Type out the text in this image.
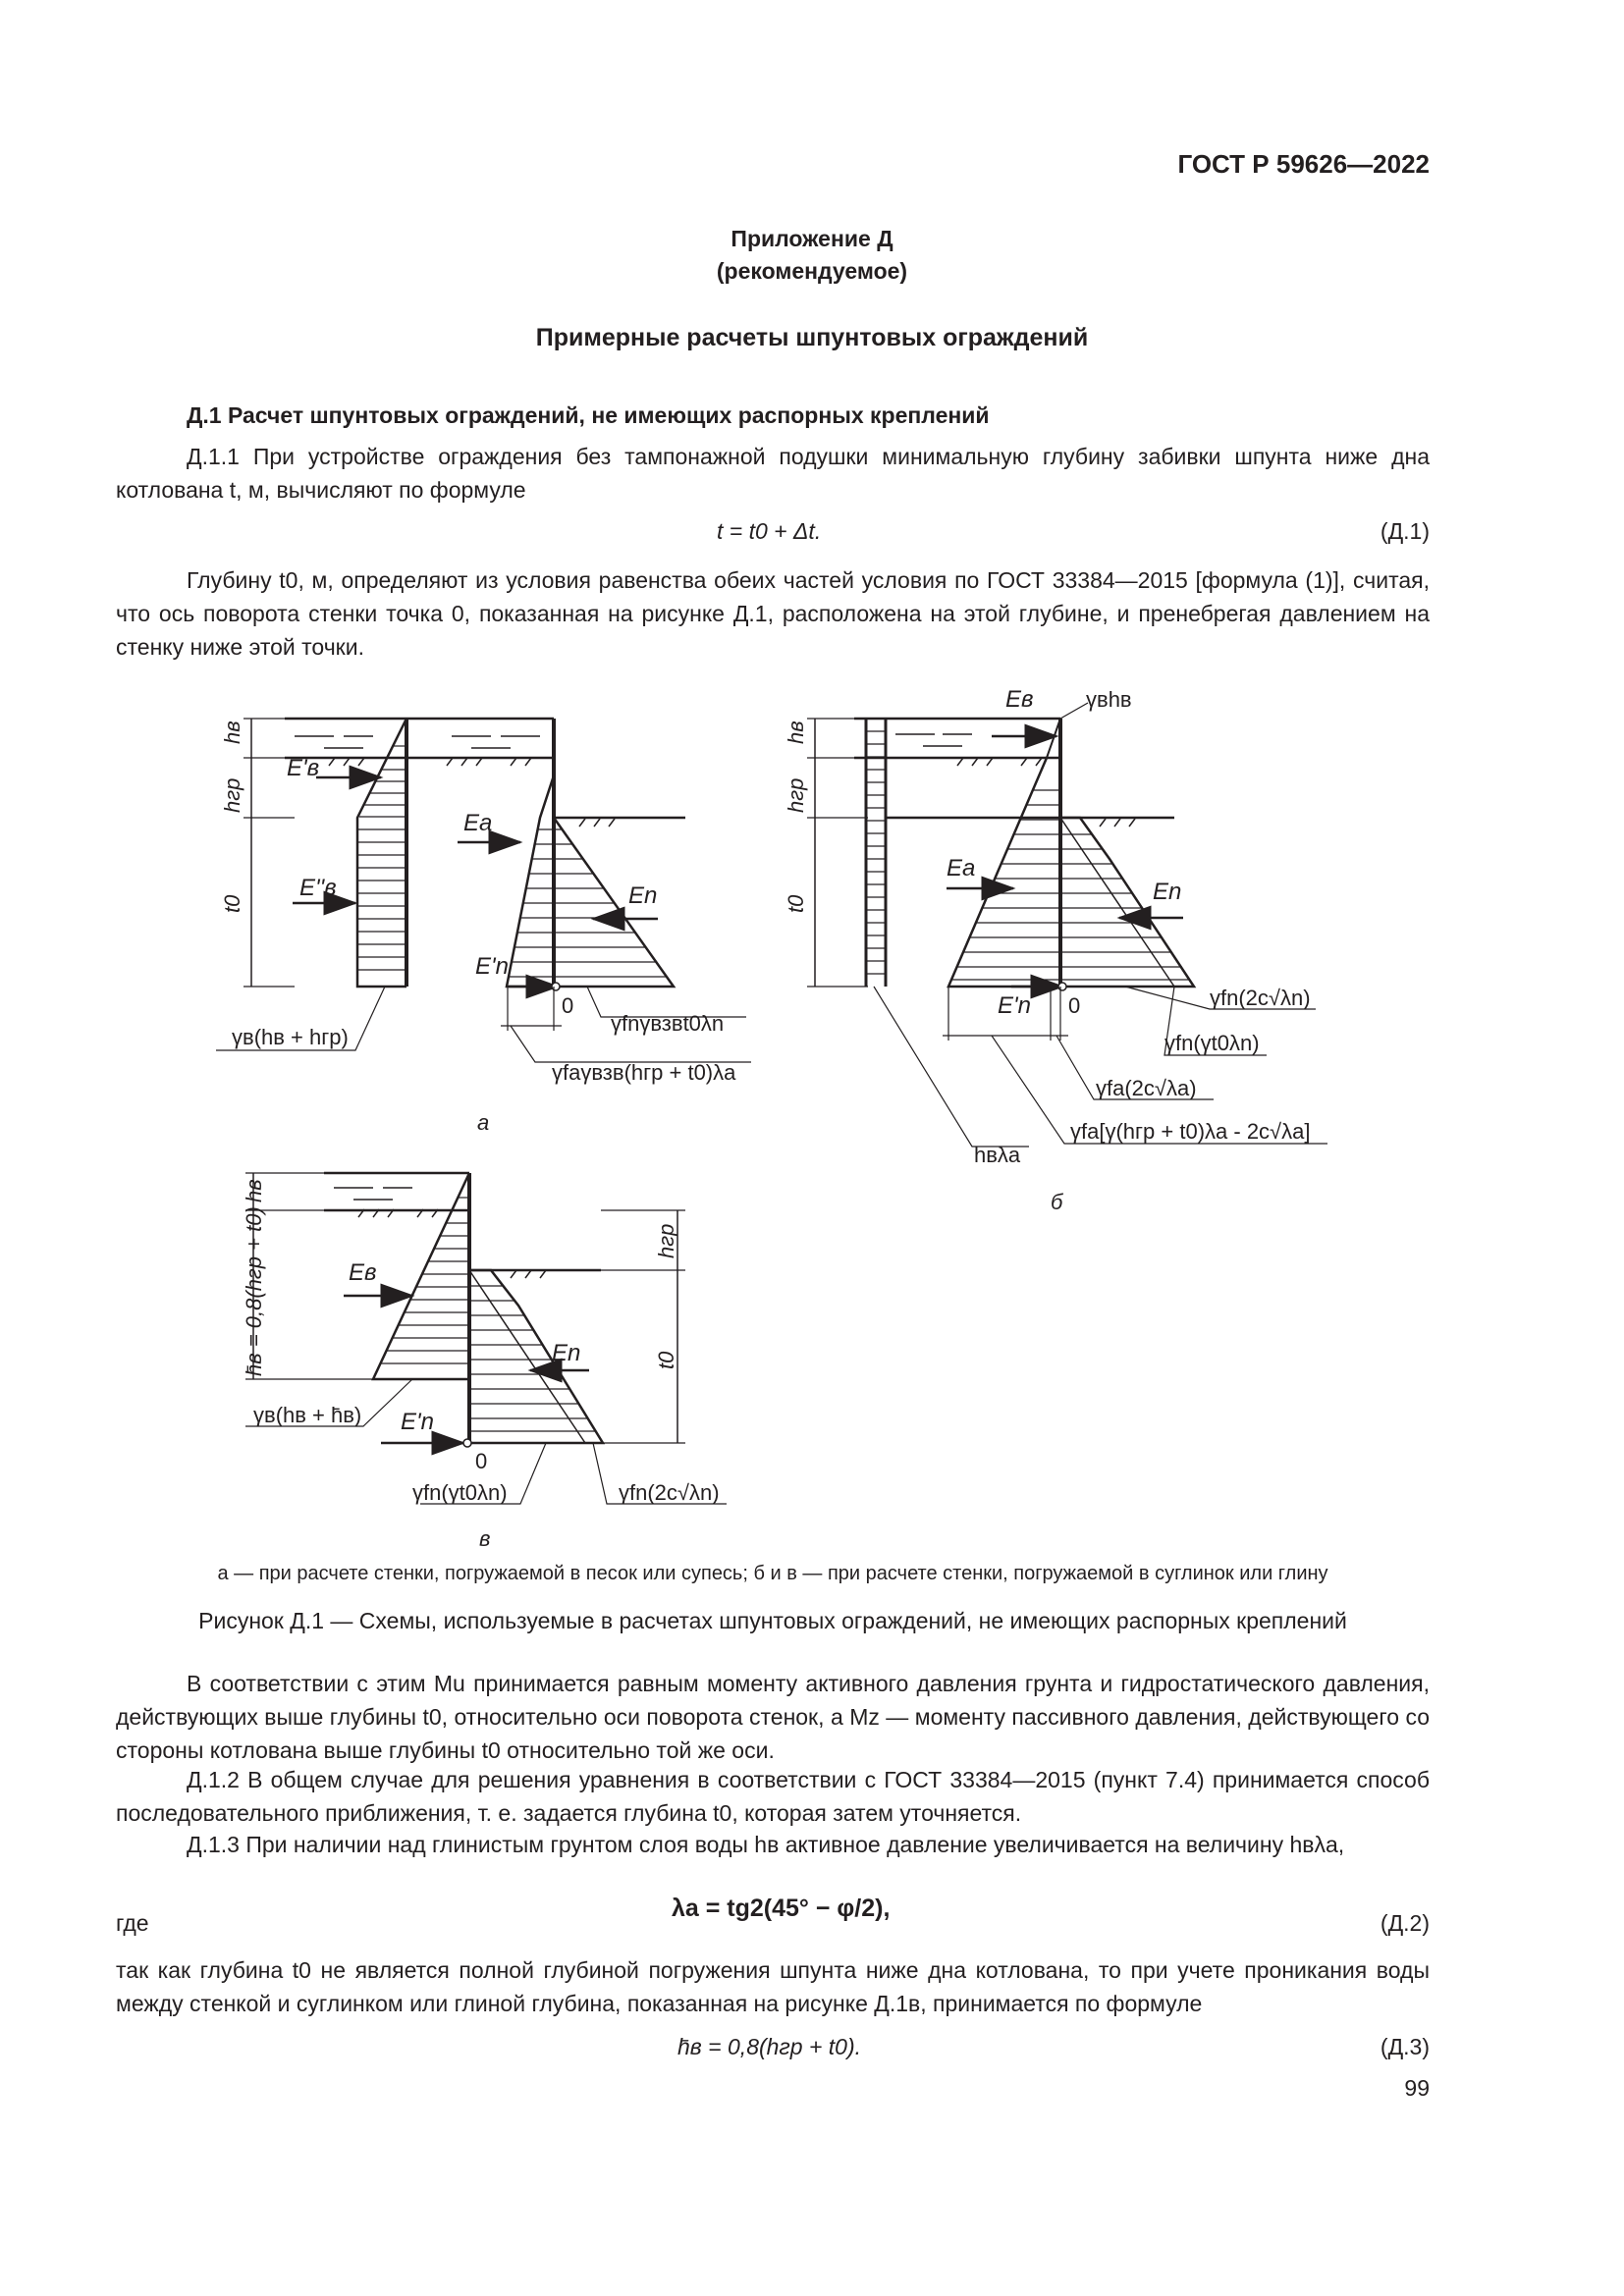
ГОСТ Р 59626—2022
Приложение Д
(рекомендуемое)
Примерные расчеты шпунтовых ограждений
Д.1 Расчет шпунтовых ограждений, не имеющих распорных креплений
Д.1.1 При устройстве ограждения без тампонажной подушки минимальную глубину забивки шпунта ниже дна котлована t, м, вычисляют по формуле
t = t0 + Δt.	(Д.1)
Глубину t0, м, определяют из условия равенства обеих частей условия по ГОСТ 33384—2015 [формула (1)], считая, что ось поворота стенки точка 0, показанная на рисунке Д.1, расположена на этой глубине, и пренебрегая давлением на стенку ниже этой точки.
hв
hгр
t0
E'в
E''в
Ea
En
E'n
0
γв(hв + hгр)
γfnγвзвt0λn
γfaγвзв(hгр + t0)λa
а
Eв γвhв
hв
hгр
t0
Ea
En
E'n 0	γfn(2c√λn)
γfn(γt0λn)
γfa(2c√λa)
γfa[γ(hгр + t0)λa - 2c√λa]
hвλa
б
hв
h̄в = 0,8(hгр + t0)	hгр
t0
Eв
En
E'n
0
γв(hв + h̄в)
γfn(γt0λn)	γfn(2c√λn)
в
а — при расчете стенки, погружаемой в песок или супесь; б и в — при расчете стенки, погружаемой в суглинок или глину
Рисунок Д.1 — Схемы, используемые в расчетах шпунтовых ограждений, не имеющих распорных креплений
В соответствии с этим Mu принимается равным моменту активного давления грунта и гидростатического давления, действующих выше глубины t0, относительно оси поворота стенок, а Mz — моменту пассивного давления, действующего со стороны котлована выше глубины t0 относительно той же оси.
Д.1.2 В общем случае для решения уравнения в соответствии с ГОСТ 33384—2015 (пункт 7.4) принимается способ последовательного приближения, т. е. задается глубина t0, которая затем уточняется.
Д.1.3 При наличии над глинистым грунтом слоя воды hв активное давление увеличивается на величину hвλa,
где
λa = tg2(45° − φ/2),
(Д.2)
так как глубина t0 не является полной глубиной погружения шпунта ниже дна котлована, то при учете проникания воды между стенкой и суглинком или глиной глубина, показанная на рисунке Д.1в, принимается по формуле
h̄в = 0,8(hгр + t0).	(Д.3)
99
